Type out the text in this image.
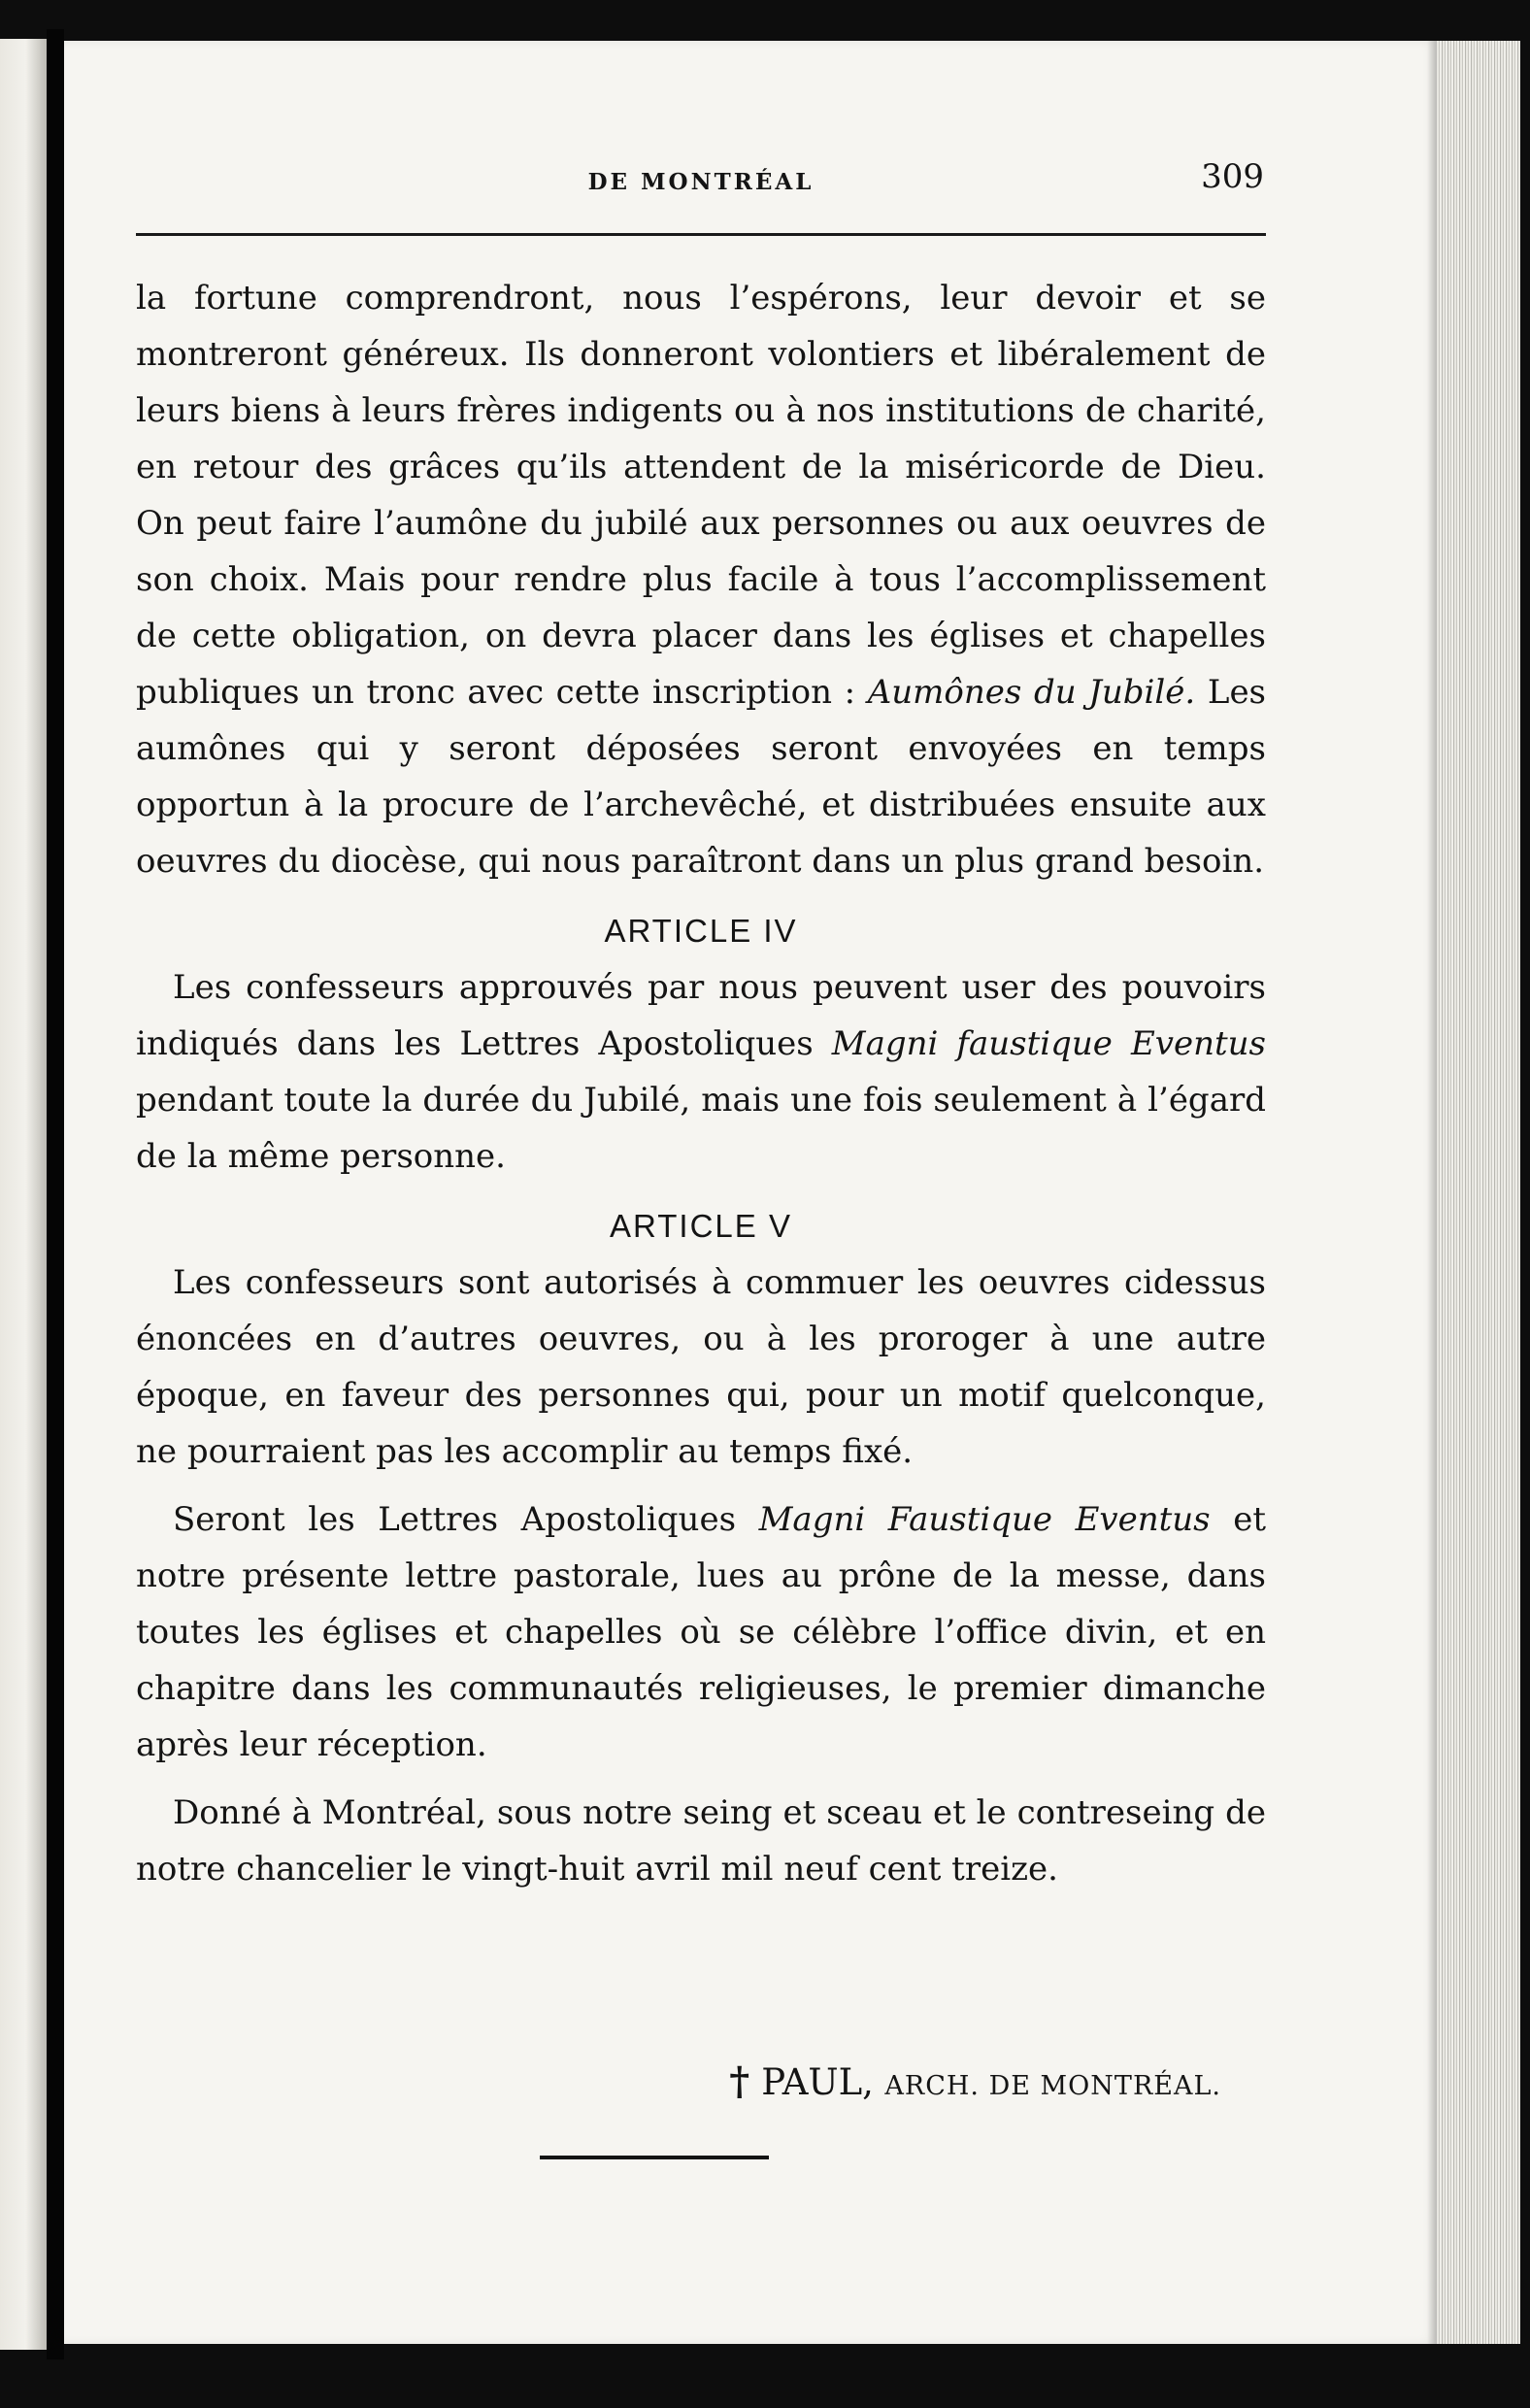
DE MONTRÉAL	309

la fortune comprendront, nous l’espérons, leur devoir et se montreront généreux. Ils donneront volontiers et libéralement de leurs biens à leurs frères indigents ou à nos institutions de charité, en retour des grâces qu’ils attendent de la miséricorde de Dieu. On peut faire l’aumône du jubilé aux personnes ou aux oeuvres de son choix. Mais pour rendre plus facile à tous l’accomplissement de cette obligation, on devra placer dans les églises et chapelles publiques un tronc avec cette inscription : Aumônes du Jubilé. Les aumônes qui y seront déposées seront envoyées en temps opportun à la procure de l’archevêché, et distribuées ensuite aux oeuvres du diocèse, qui nous paraîtront dans un plus grand besoin.

ARTICLE IV

Les confesseurs approuvés par nous peuvent user des pouvoirs indiqués dans les Lettres Apostoliques Magni faustique Eventus pendant toute la durée du Jubilé, mais une fois seulement à l’égard de la même personne.

ARTICLE V

Les confesseurs sont autorisés à commuer les oeuvres cidessus énoncées en d’autres oeuvres, ou à les proroger à une autre époque, en faveur des personnes qui, pour un motif quelconque, ne pourraient pas les accomplir au temps fixé.

Seront les Lettres Apostoliques Magni Faustique Eventus et notre présente lettre pastorale, lues au prône de la messe, dans toutes les églises et chapelles où se célèbre l’office divin, et en chapitre dans les communautés religieuses, le premier dimanche après leur réception.

Donné à Montréal, sous notre seing et sceau et le contreseing de notre chancelier le vingt-huit avril mil neuf cent treize.

† PAUL, ARCH. DE MONTRÉAL.
